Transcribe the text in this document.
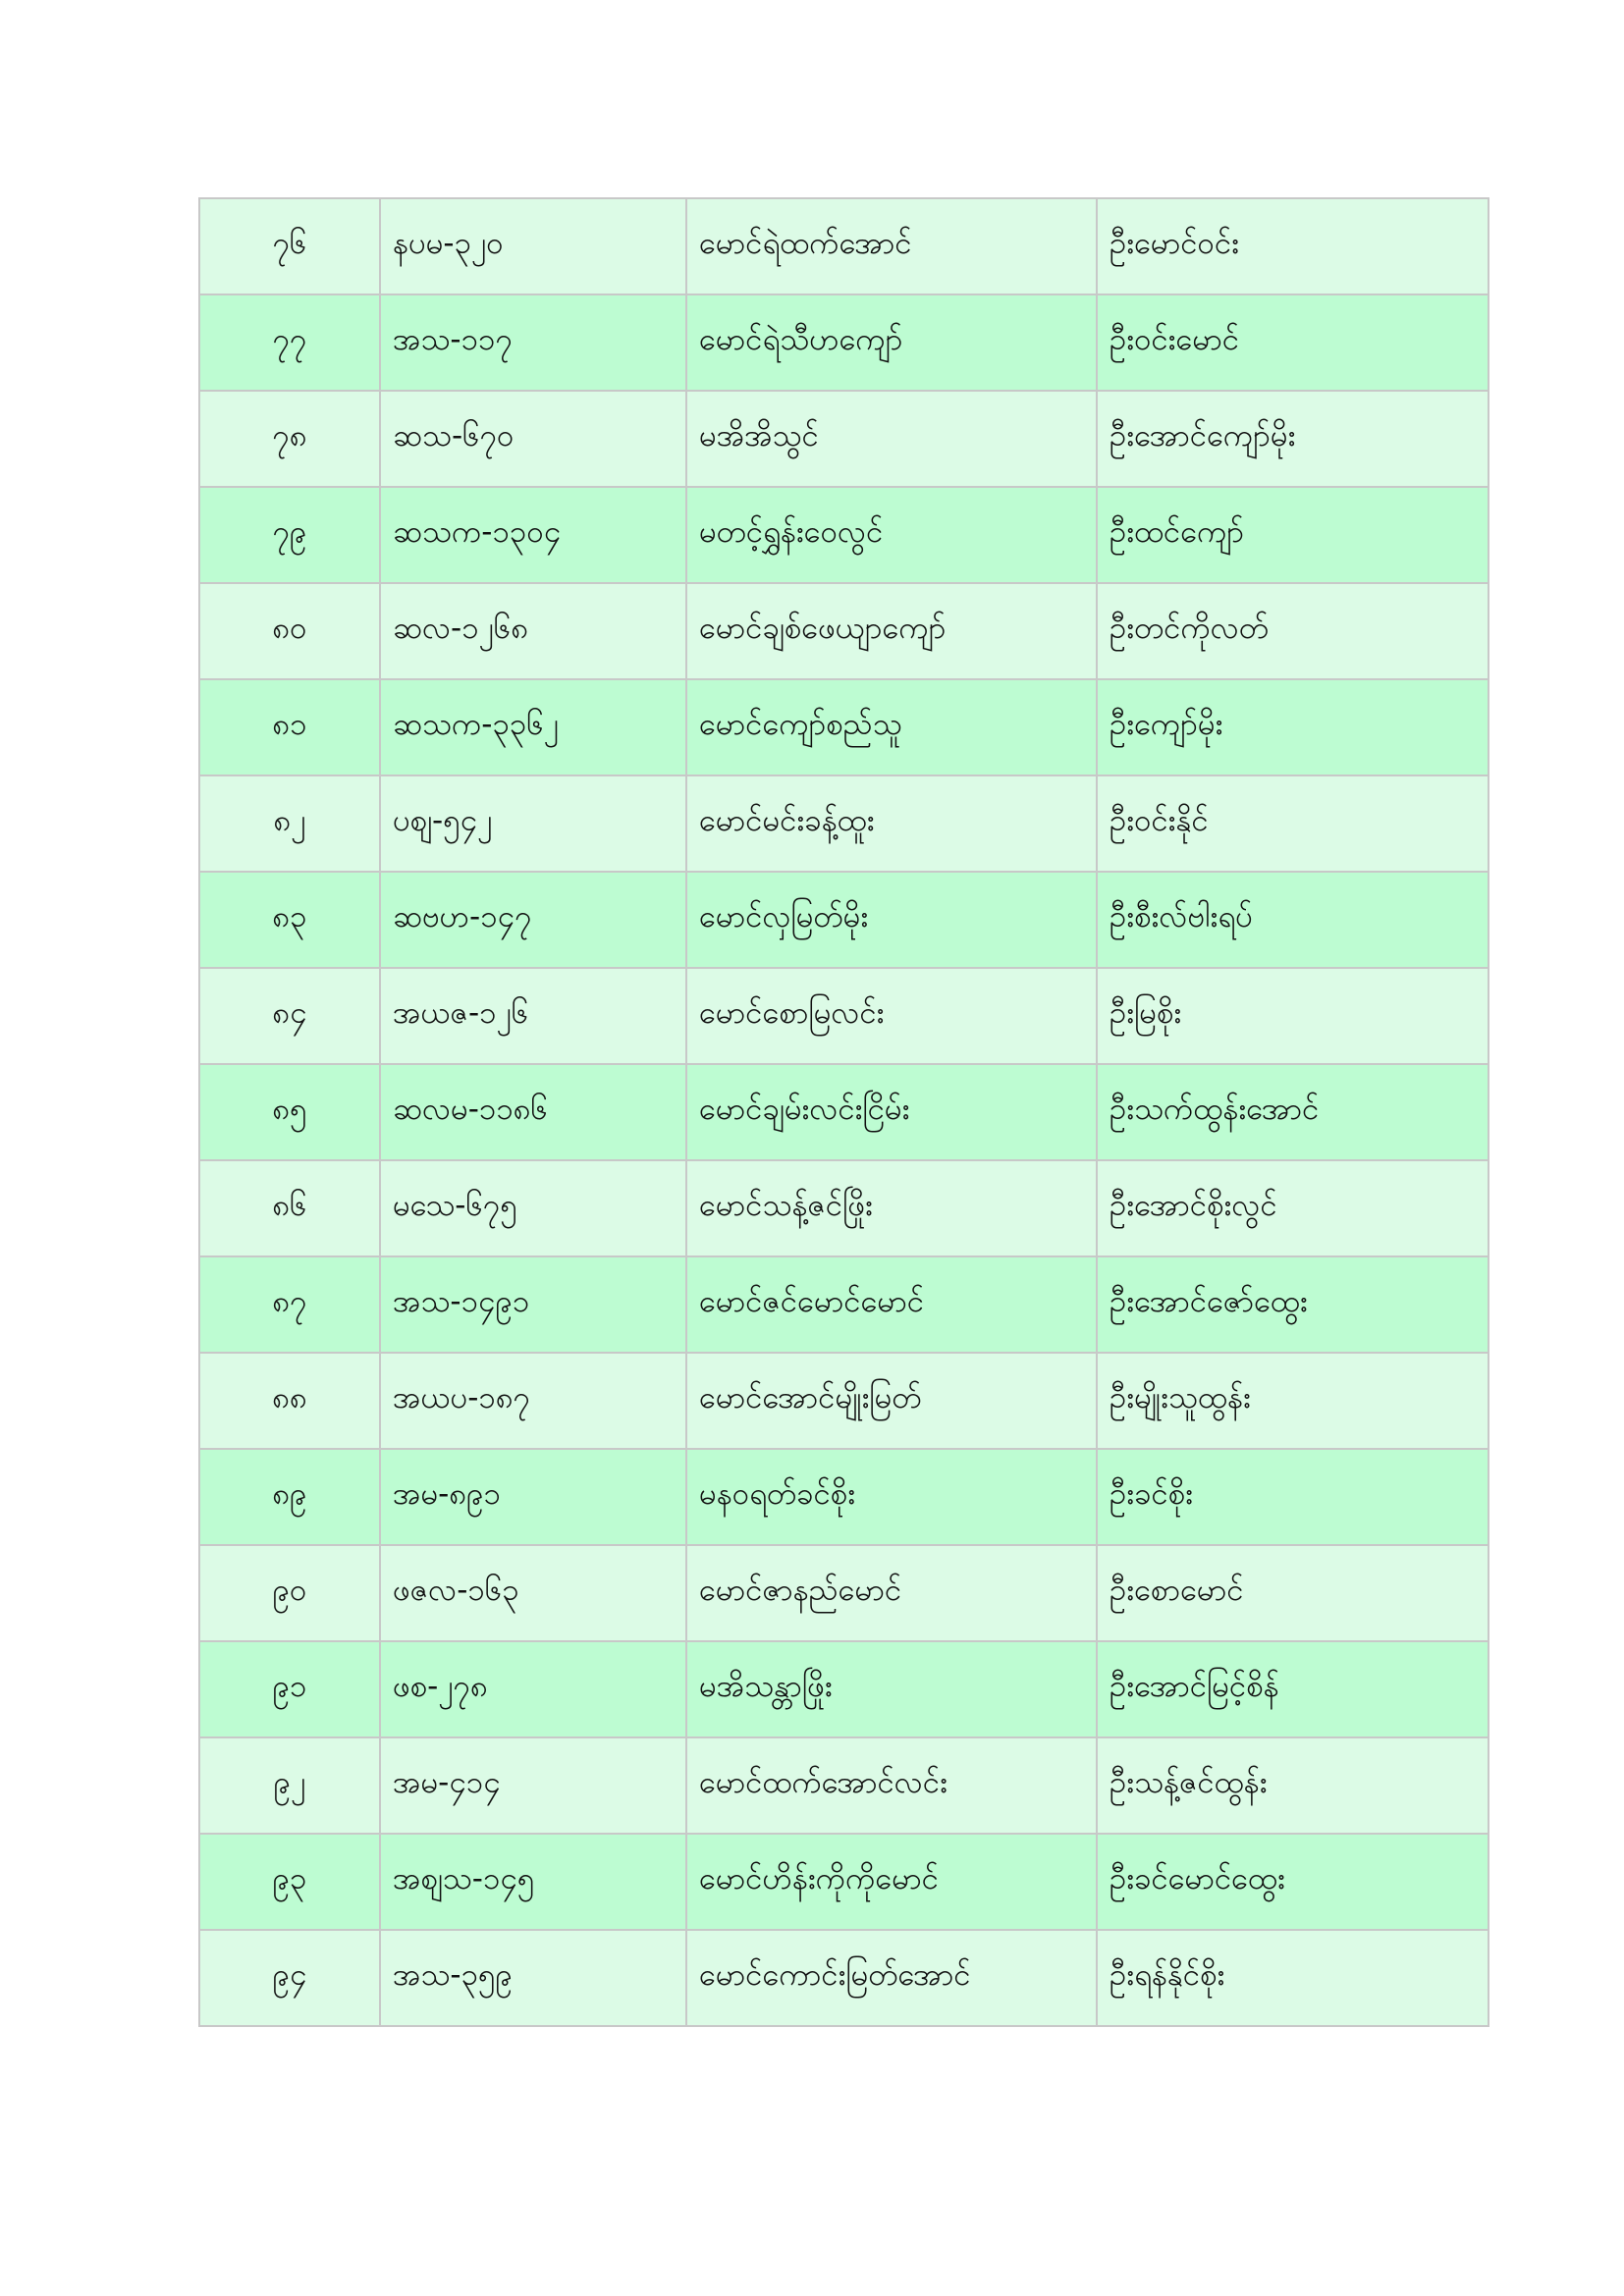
၇၆	နပမ-၃၂၀	မောင်ရဲထက်အောင်	ဦးမောင်ဝင်း
၇၇	အသ-၁၁၇	မောင်ရဲသီဟကျော်	ဦးဝင်းမောင်
၇၈	ဆသ-၆၇၀	မအိအိသွင်	ဦးအောင်ကျော်မိုး
၇၉	ဆသက-၁၃၀၄	မတင့်ရွှန်းဝေလွင်	ဦးထင်ကျော်
၈၀	ဆလ-၁၂၆၈	မောင်ချစ်ဖေယျာကျော်	ဦးတင်ကိုလတ်
၈၁	ဆသက-၃၃၆၂	မောင်ကျော်စည်သူ	ဦးကျော်မိုး
၈၂	ပစျ-၅၄၂	မောင်မင်းခန့်ထူး	ဦးဝင်းနိုင်
၈၃	ဆဗဟ-၁၄၇	မောင်လှမြတ်မိုး	ဦးစီးလ်ဗါးရပ်
၈၄	အယဇ-၁၂၆	မောင်စောမြလင်း	ဦးမြစိုး
၈၅	ဆလမ-၁၁၈၆	မောင်ချမ်းလင်းငြိမ်း	ဦးသက်ထွန်းအောင်
၈၆	မသေ-၆၇၅	မောင်သန့်ဇင်ဖြိုး	ဦးအောင်စိုးလွင်
၈၇	အသ-၁၄၉၁	မောင်ဇင်မောင်မောင်	ဦးအောင်ဇော်ထွေး
၈၈	အယပ-၁၈၇	မောင်အောင်မျိုးမြတ်	ဦးမျိုးသူထွန်း
၈၉	အမ-၈၉၁	မနဝရတ်ခင်စိုး	ဦးခင်စိုး
၉၀	ဖဇလ-၁၆၃	မောင်ဇာနည်မောင်	ဦးစောမောင်
၉၁	ဖစ-၂၇၈	မအိသန္တာဖြိုး	ဦးအောင်မြင့်စိန်
၉၂	အမ-၄၁၄	မောင်ထက်အောင်လင်း	ဦးသန့်ဇင်ထွန်း
၉၃	အစျသ-၁၄၅	မောင်ဟိန်းကိုကိုမောင်	ဦးခင်မောင်ထွေး
၉၄	အသ-၃၅၉	မောင်ကောင်းမြတ်အောင်	ဦးရန်နိုင်စိုး
